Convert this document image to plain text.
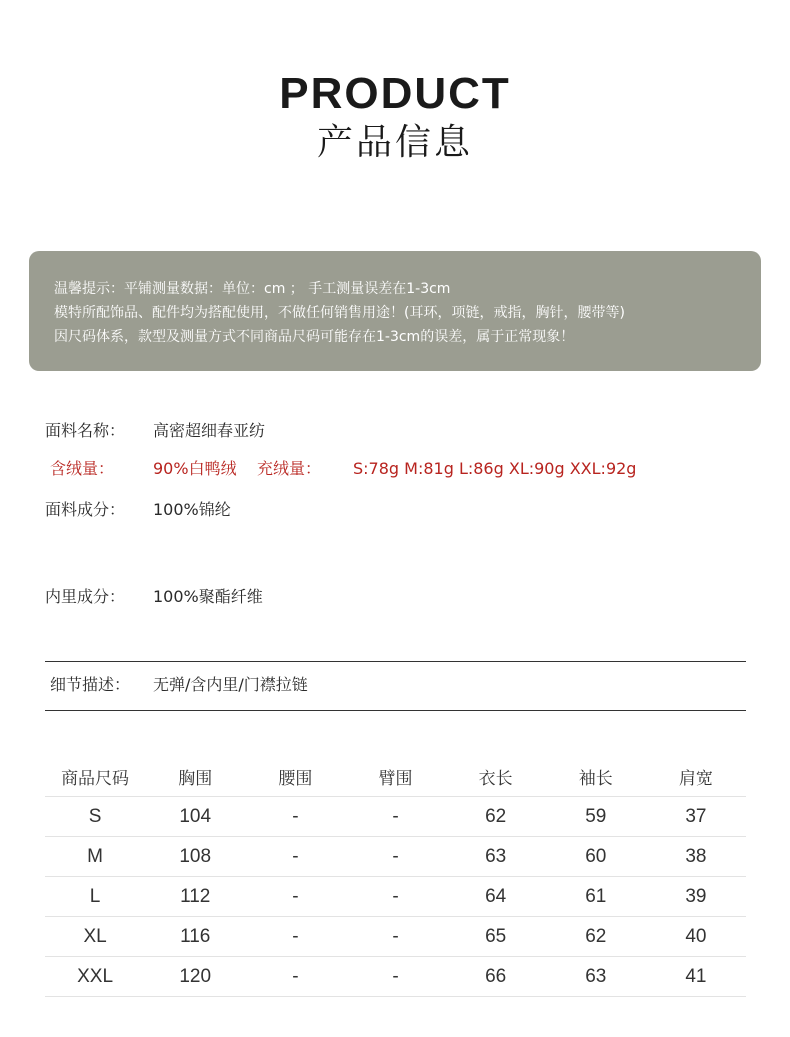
PRODUCT
产品信息
温馨提示：平铺测量数据：单位：cm ； 手工测量误差在1-3cm
模特所配饰品、配件均为搭配使用，不做任何销售用途！(耳环，项链，戒指，胸针，腰带等)
因尺码体系，款型及测量方式不同商品尺码可能存在1-3cm的误差，属于正常现象！
面料名称： 高密超细春亚纺
含绒量： 90%白鸭绒 充绒量： S:78g M:81g L:86g XL:90g XXL:92g
面料成分： 100%锦纶
内里成分： 100%聚酯纤维
细节描述： 无弹/含内里/门襟拉链
商品尺码	胸围	腰围	臂围	衣长	袖长	肩宽
S	104	-	-	62	59	37
M	108	-	-	63	60	38
L	112	-	-	64	61	39
XL	116	-	-	65	62	40
XXL	120	-	-	66	63	41
